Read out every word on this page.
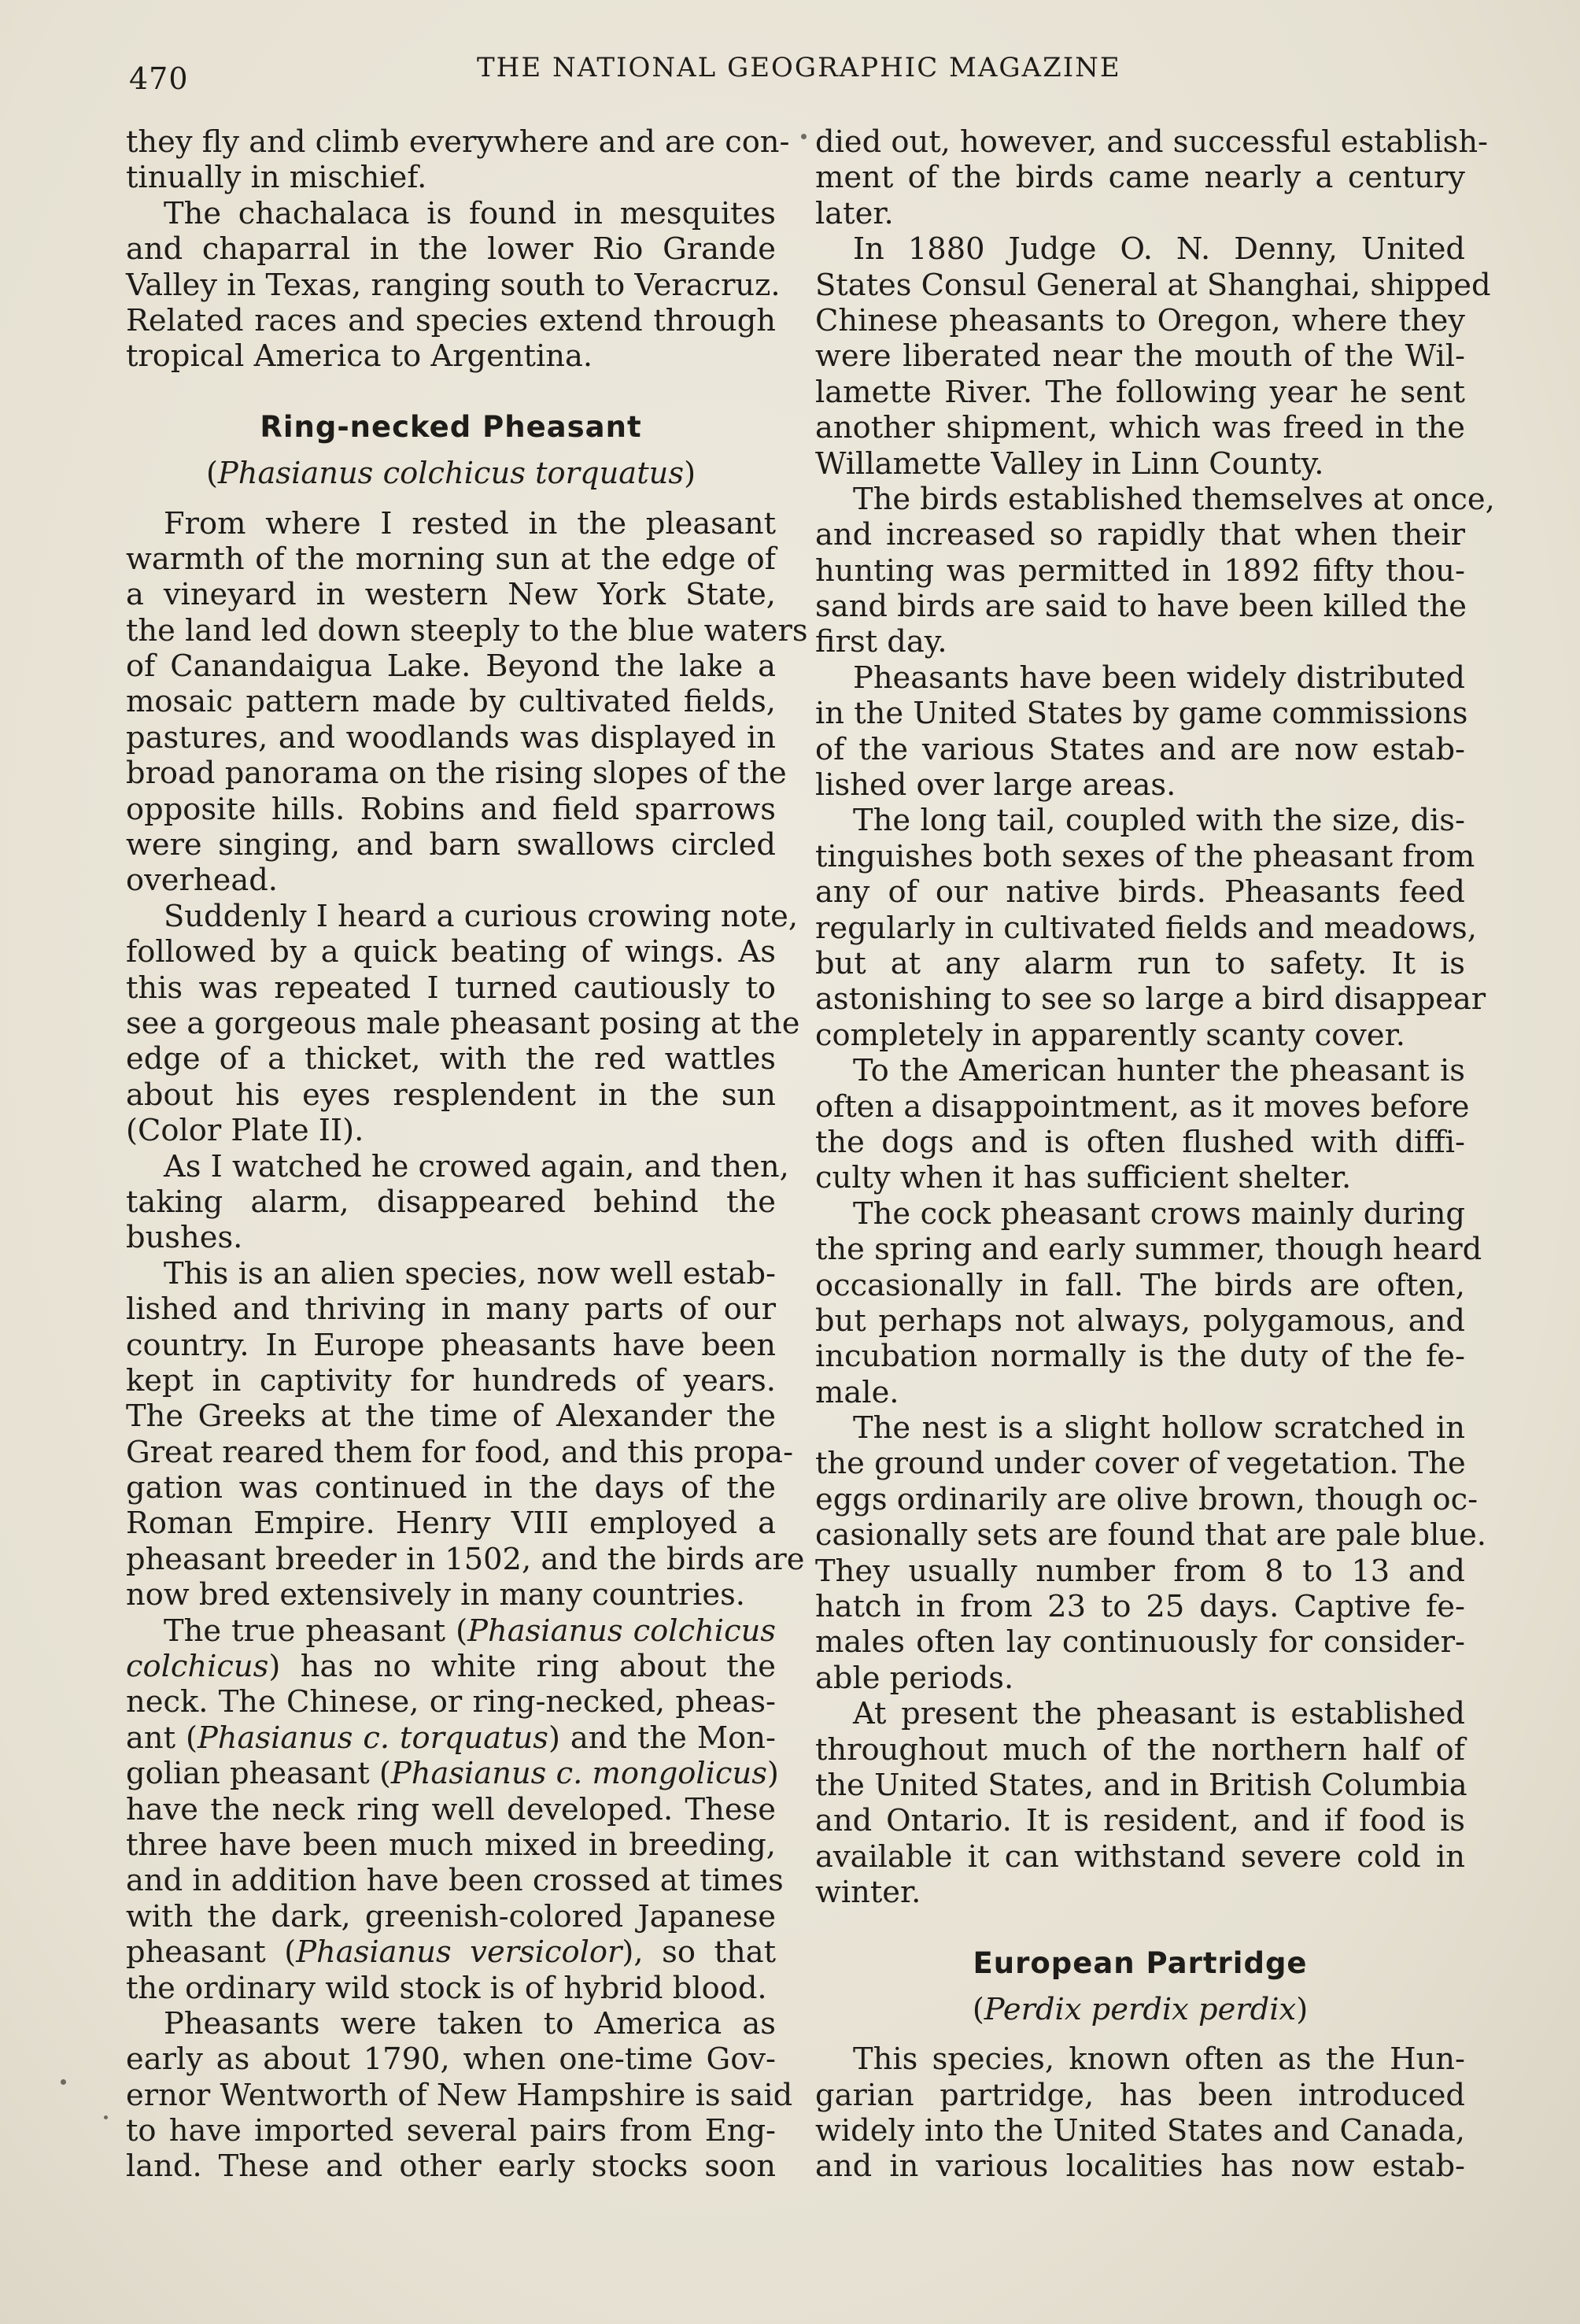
470	THE NATIONAL GEOGRAPHIC MAGAZINE
they fly and climb everywhere and are con-
tinually in mischief.
The chachalaca is found in mesquites
and chaparral in the lower Rio Grande
Valley in Texas, ranging south to Veracruz.
Related races and species extend through
tropical America to Argentina.
Ring-necked Pheasant
(Phasianus colchicus torquatus)
From where I rested in the pleasant
warmth of the morning sun at the edge of
a vineyard in western New York State,
the land led down steeply to the blue waters
of Canandaigua Lake. Beyond the lake a
mosaic pattern made by cultivated fields,
pastures, and woodlands was displayed in
broad panorama on the rising slopes of the
opposite hills. Robins and field sparrows
were singing, and barn swallows circled
overhead.
Suddenly I heard a curious crowing note,
followed by a quick beating of wings. As
this was repeated I turned cautiously to
see a gorgeous male pheasant posing at the
edge of a thicket, with the red wattles
about his eyes resplendent in the sun
(Color Plate II).
As I watched he crowed again, and then,
taking alarm, disappeared behind the
bushes.
This is an alien species, now well estab-
lished and thriving in many parts of our
country. In Europe pheasants have been
kept in captivity for hundreds of years.
The Greeks at the time of Alexander the
Great reared them for food, and this propa-
gation was continued in the days of the
Roman Empire. Henry VIII employed a
pheasant breeder in 1502, and the birds are
now bred extensively in many countries.
The true pheasant (Phasianus colchicus
colchicus) has no white ring about the
neck. The Chinese, or ring-necked, pheas-
ant (Phasianus c. torquatus) and the Mon-
golian pheasant (Phasianus c. mongolicus)
have the neck ring well developed. These
three have been much mixed in breeding,
and in addition have been crossed at times
with the dark, greenish-colored Japanese
pheasant (Phasianus versicolor), so that
the ordinary wild stock is of hybrid blood.
Pheasants were taken to America as
early as about 1790, when one-time Gov-
ernor Wentworth of New Hampshire is said
to have imported several pairs from Eng-
land. These and other early stocks soon
died out, however, and successful establish-
ment of the birds came nearly a century
later.
In 1880 Judge O. N. Denny, United
States Consul General at Shanghai, shipped
Chinese pheasants to Oregon, where they
were liberated near the mouth of the Wil-
lamette River. The following year he sent
another shipment, which was freed in the
Willamette Valley in Linn County.
The birds established themselves at once,
and increased so rapidly that when their
hunting was permitted in 1892 fifty thou-
sand birds are said to have been killed the
first day.
Pheasants have been widely distributed
in the United States by game commissions
of the various States and are now estab-
lished over large areas.
The long tail, coupled with the size, dis-
tinguishes both sexes of the pheasant from
any of our native birds. Pheasants feed
regularly in cultivated fields and meadows,
but at any alarm run to safety. It is
astonishing to see so large a bird disappear
completely in apparently scanty cover.
To the American hunter the pheasant is
often a disappointment, as it moves before
the dogs and is often flushed with diffi-
culty when it has sufficient shelter.
The cock pheasant crows mainly during
the spring and early summer, though heard
occasionally in fall. The birds are often,
but perhaps not always, polygamous, and
incubation normally is the duty of the fe-
male.
The nest is a slight hollow scratched in
the ground under cover of vegetation. The
eggs ordinarily are olive brown, though oc-
casionally sets are found that are pale blue.
They usually number from 8 to 13 and
hatch in from 23 to 25 days. Captive fe-
males often lay continuously for consider-
able periods.
At present the pheasant is established
throughout much of the northern half of
the United States, and in British Columbia
and Ontario. It is resident, and if food is
available it can withstand severe cold in
winter.
European Partridge
(Perdix perdix perdix)
This species, known often as the Hun-
garian partridge, has been introduced
widely into the United States and Canada,
and in various localities has now estab-
